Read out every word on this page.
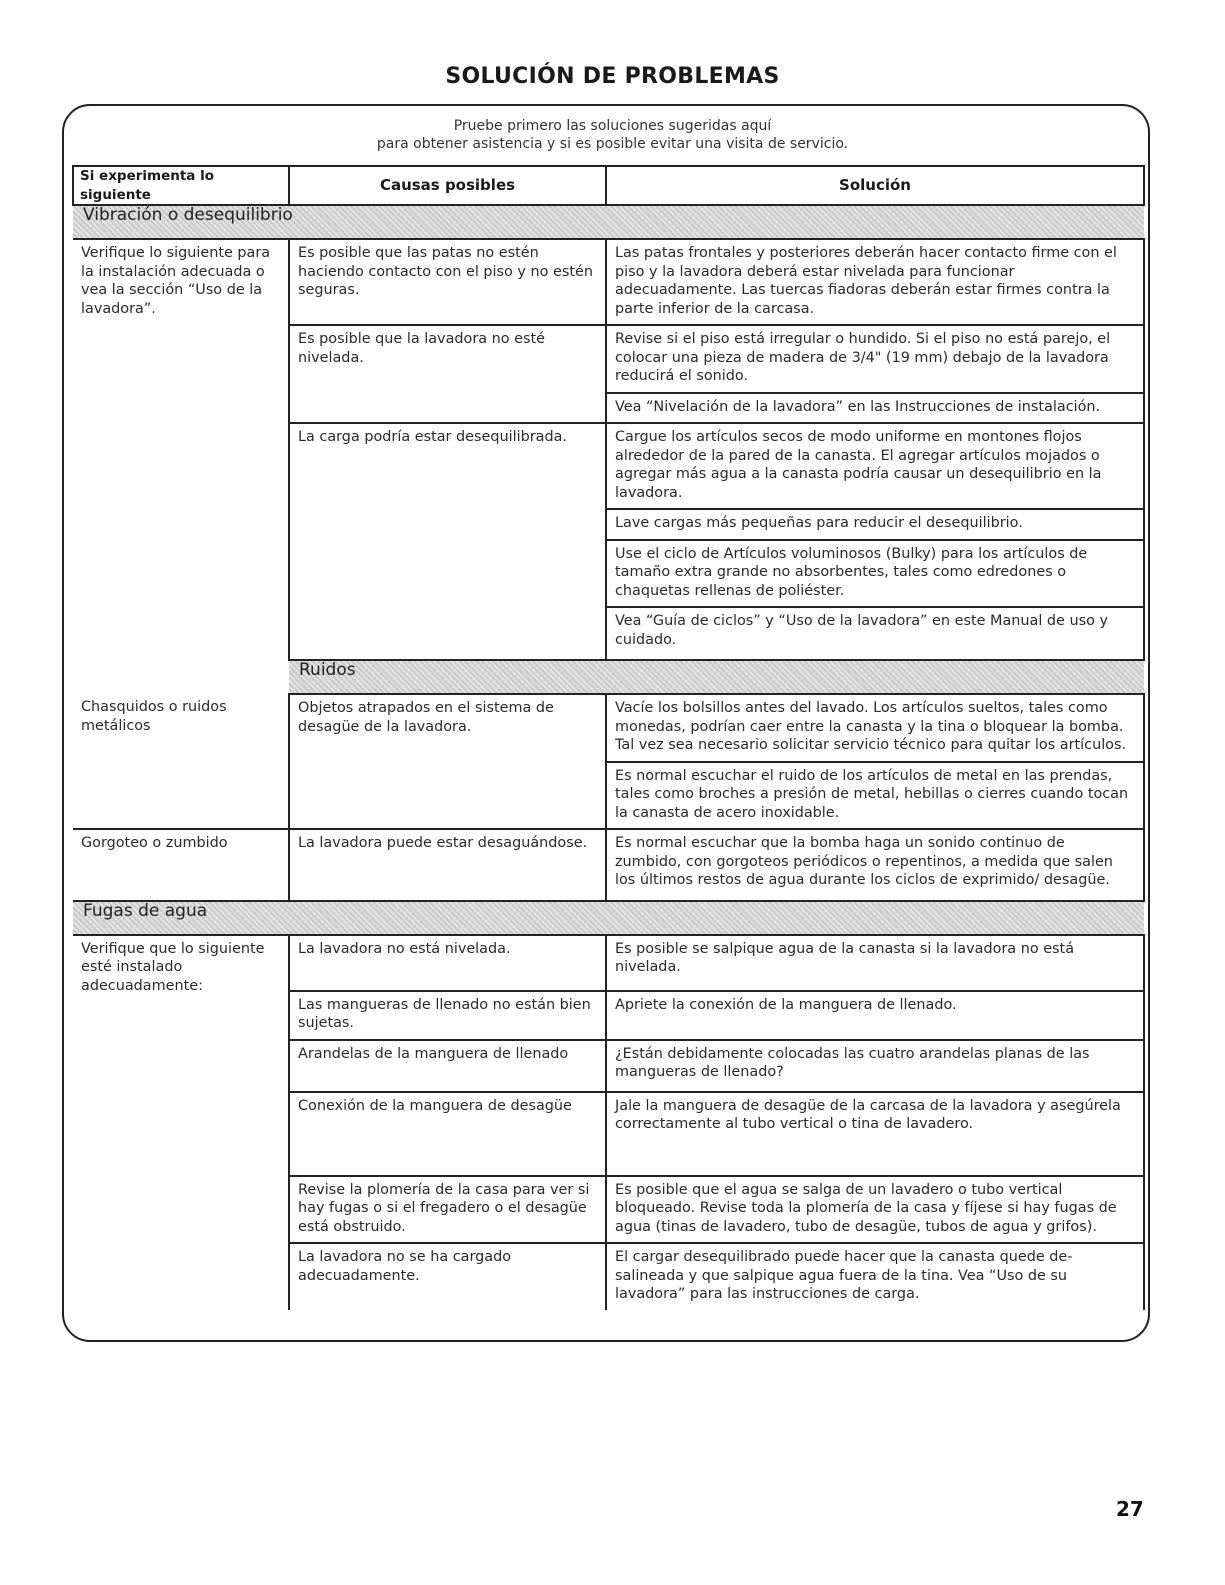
SOLUCIÓN DE PROBLEMAS
Pruebe primero las soluciones sugeridas aquí
para obtener asistencia y si es posible evitar una visita de servicio.
Si experimenta lo siguiente	Causas posibles	Solución
Vibración o desequilibrio		
Verifique lo siguiente para la instalación adecuada o vea la sección “Uso de la lavadora”.	Es posible que las patas no estén haciendo contacto con el piso y no estén seguras.	Las patas frontales y posteriores deberán hacer contacto firme con el piso y la lavadora deberá estar nivelada para funcionar adecuadamente. Las tuercas fiadoras deberán estar firmes contra la parte inferior de la carcasa.
	Es posible que la lavadora no esté nivelada.	Revise si el piso está irregular o hundido. Si el piso no está parejo, el colocar una pieza de madera de 3/4" (19 mm) debajo de la lavadora reducirá el sonido.
		Vea “Nivelación de la lavadora” en las Instrucciones de instalación.
	La carga podría estar desequilibrada.	Cargue los artículos secos de modo uniforme en montones flojos alrededor de la pared de la canasta. El agregar artículos mojados o agregar más agua a la canasta podría causar un desequilibrio en la lavadora.
		Lave cargas más pequeñas para reducir el desequilibrio.
		Use el ciclo de Artículos voluminosos (Bulky) para los artículos de tamaño extra grande no absorbentes, tales como edredones o chaquetas rellenas de poliéster.
		Vea “Guía de ciclos” y “Uso de la lavadora” en este Manual de uso y cuidado.
	Ruidos	
Chasquidos o ruidos metálicos	Objetos atrapados en el sistema de desagüe de la lavadora.	Vacíe los bolsillos antes del lavado. Los artículos sueltos, tales como monedas, podrían caer entre la canasta y la tina o bloquear la bomba. Tal vez sea necesario solicitar servicio técnico para quitar los artículos.
		Es normal escuchar el ruido de los artículos de metal en las prendas, tales como broches a presión de metal, hebillas o cierres cuando tocan la canasta de acero inoxidable.
Gorgoteo o zumbido	La lavadora puede estar desaguándose.	Es normal escuchar que la bomba haga un sonido continuo de zumbido, con gorgoteos periódicos o repentinos, a medida que salen los últimos restos de agua durante los ciclos de exprimido/ desagüe.
Fugas de agua		
Verifique que lo siguiente esté instalado adecuadamente:	La lavadora no está nivelada.	Es posible se salpique agua de la canasta si la lavadora no está nivelada.
	Las mangueras de llenado no están bien sujetas.	Apriete la conexión de la manguera de llenado.
	Arandelas de la manguera de llenado	¿Están debidamente colocadas las cuatro arandelas planas de las mangueras de llenado?
	Conexión de la manguera de desagüe	Jale la manguera de desagüe de la carcasa de la lavadora y asegúrela correctamente al tubo vertical o tina de lavadero.
	Revise la plomería de la casa para ver si hay fugas o si el fregadero o el desagüe está obstruido.	Es posible que el agua se salga de un lavadero o tubo vertical bloqueado. Revise toda la plomería de la casa y fíjese si hay fugas de agua (tinas de lavadero, tubo de desagüe, tubos de agua y grifos).
	La lavadora no se ha cargado adecuadamente.	El cargar desequilibrado puede hacer que la canasta quede de-salineada y que salpique agua fuera de la tina. Vea “Uso de su lavadora” para las instrucciones de carga.
27
